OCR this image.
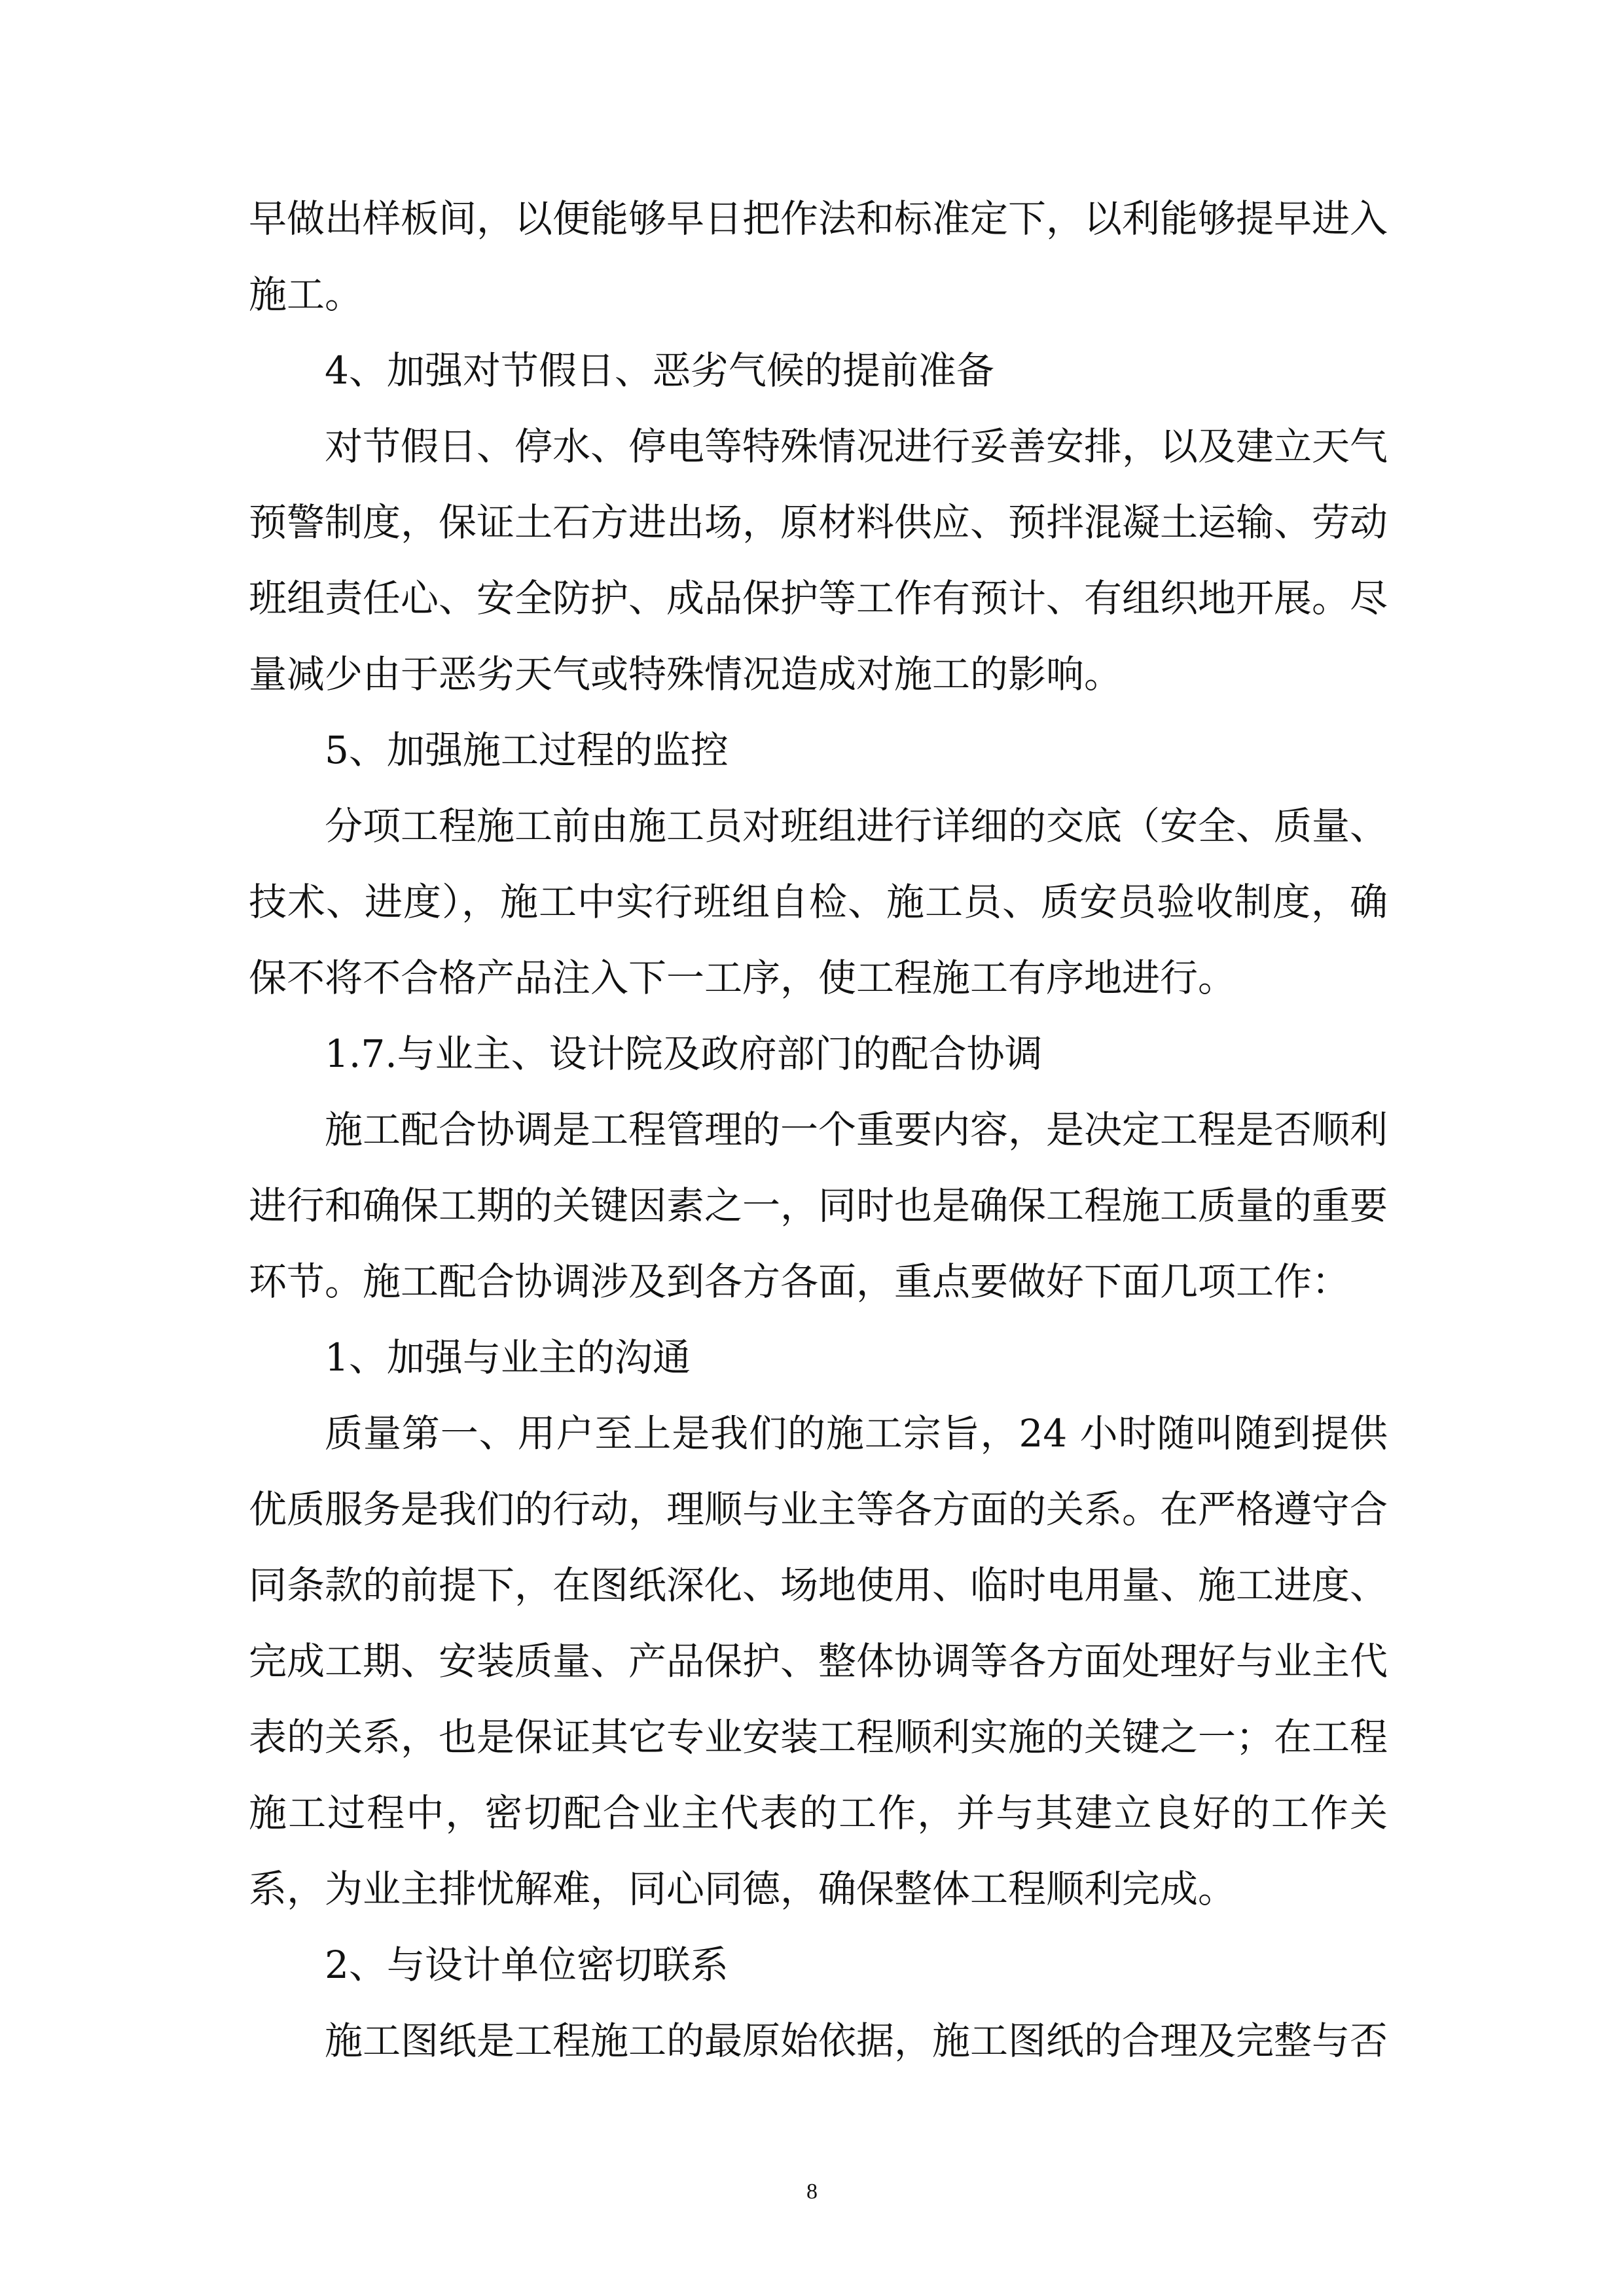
早做出样板间，以便能够早日把作法和标准定下，以利能够提早进入施工。

4、加强对节假日、恶劣气候的提前准备

对节假日、停水、停电等特殊情况进行妥善安排，以及建立天气预警制度，保证土石方进出场，原材料供应、预拌混凝土运输、劳动班组责任心、安全防护、成品保护等工作有预计、有组织地开展。尽量减少由于恶劣天气或特殊情况造成对施工的影响。

5、加强施工过程的监控

分项工程施工前由施工员对班组进行详细的交底（安全、质量、技术、进度），施工中实行班组自检、施工员、质安员验收制度，确保不将不合格产品注入下一工序，使工程施工有序地进行。

1.7.与业主、设计院及政府部门的配合协调

施工配合协调是工程管理的一个重要内容，是决定工程是否顺利进行和确保工期的关键因素之一，同时也是确保工程施工质量的重要环节。施工配合协调涉及到各方各面，重点要做好下面几项工作：

1、加强与业主的沟通

质量第一、用户至上是我们的施工宗旨，24 小时随叫随到提供优质服务是我们的行动，理顺与业主等各方面的关系。在严格遵守合同条款的前提下，在图纸深化、场地使用、临时电用量、施工进度、完成工期、安装质量、产品保护、整体协调等各方面处理好与业主代表的关系，也是保证其它专业安装工程顺利实施的关键之一；在工程施工过程中，密切配合业主代表的工作，并与其建立良好的工作关系，为业主排忧解难，同心同德，确保整体工程顺利完成。

2、与设计单位密切联系

施工图纸是工程施工的最原始依据，施工图纸的合理及完整与否

8
